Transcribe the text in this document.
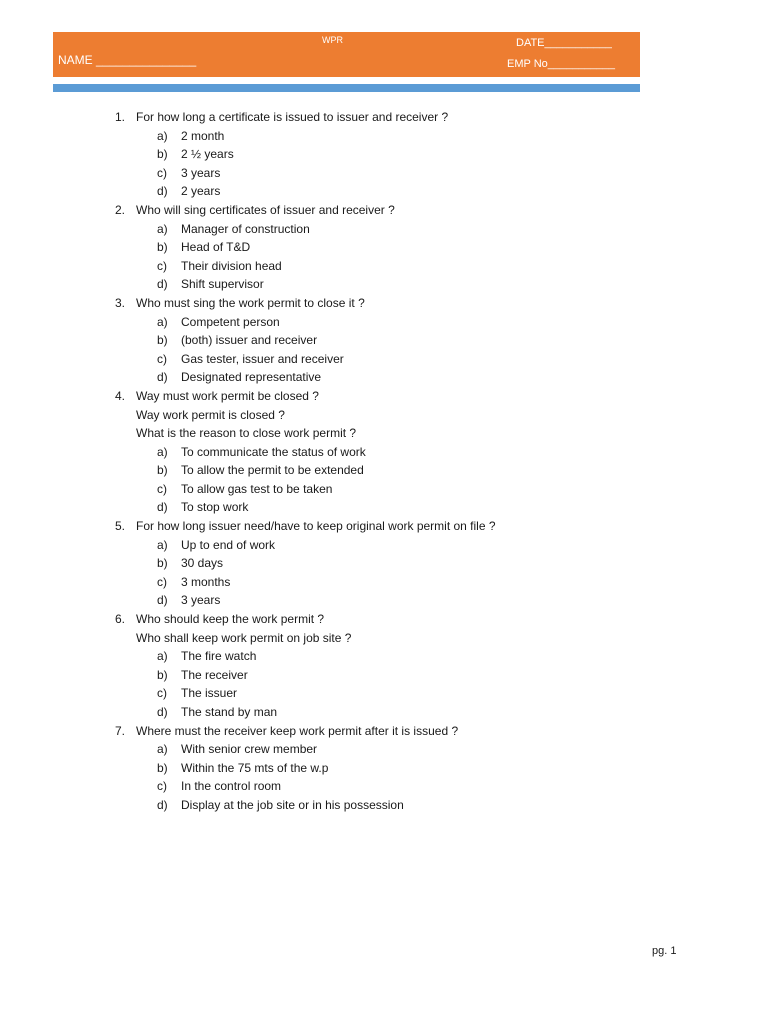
WPR
NAME _______________
DATE___________
EMP No___________
1. For how long a certificate is issued to issuer and receiver ?
a) 2 month
b) 2 ½ years
c) 3 years
d) 2 years
2. Who will sing certificates of issuer and receiver ?
a) Manager of construction
b) Head of T&D
c) Their division head
d) Shift supervisor
3. Who must sing the work permit to close it ?
a) Competent person
b) (both) issuer and receiver
c) Gas tester, issuer and receiver
d) Designated representative
4. Way must work permit be closed ?
Way work permit is closed ?
What is the reason to close work permit ?
a) To communicate the status of work
b) To allow the permit to be extended
c) To allow gas test to be taken
d) To stop work
5. For how long issuer need/have to keep original work permit on file ?
a) Up to end of work
b) 30 days
c) 3 months
d) 3 years
6. Who should keep the work permit ?
Who shall keep work permit on job site ?
a) The fire watch
b) The receiver
c) The issuer
d) The stand by man
7. Where must the receiver keep work permit after it is issued ?
a) With senior crew member
b) Within the 75 mts of the w.p
c) In the control room
d) Display at the job site or in his possession
pg. 1
